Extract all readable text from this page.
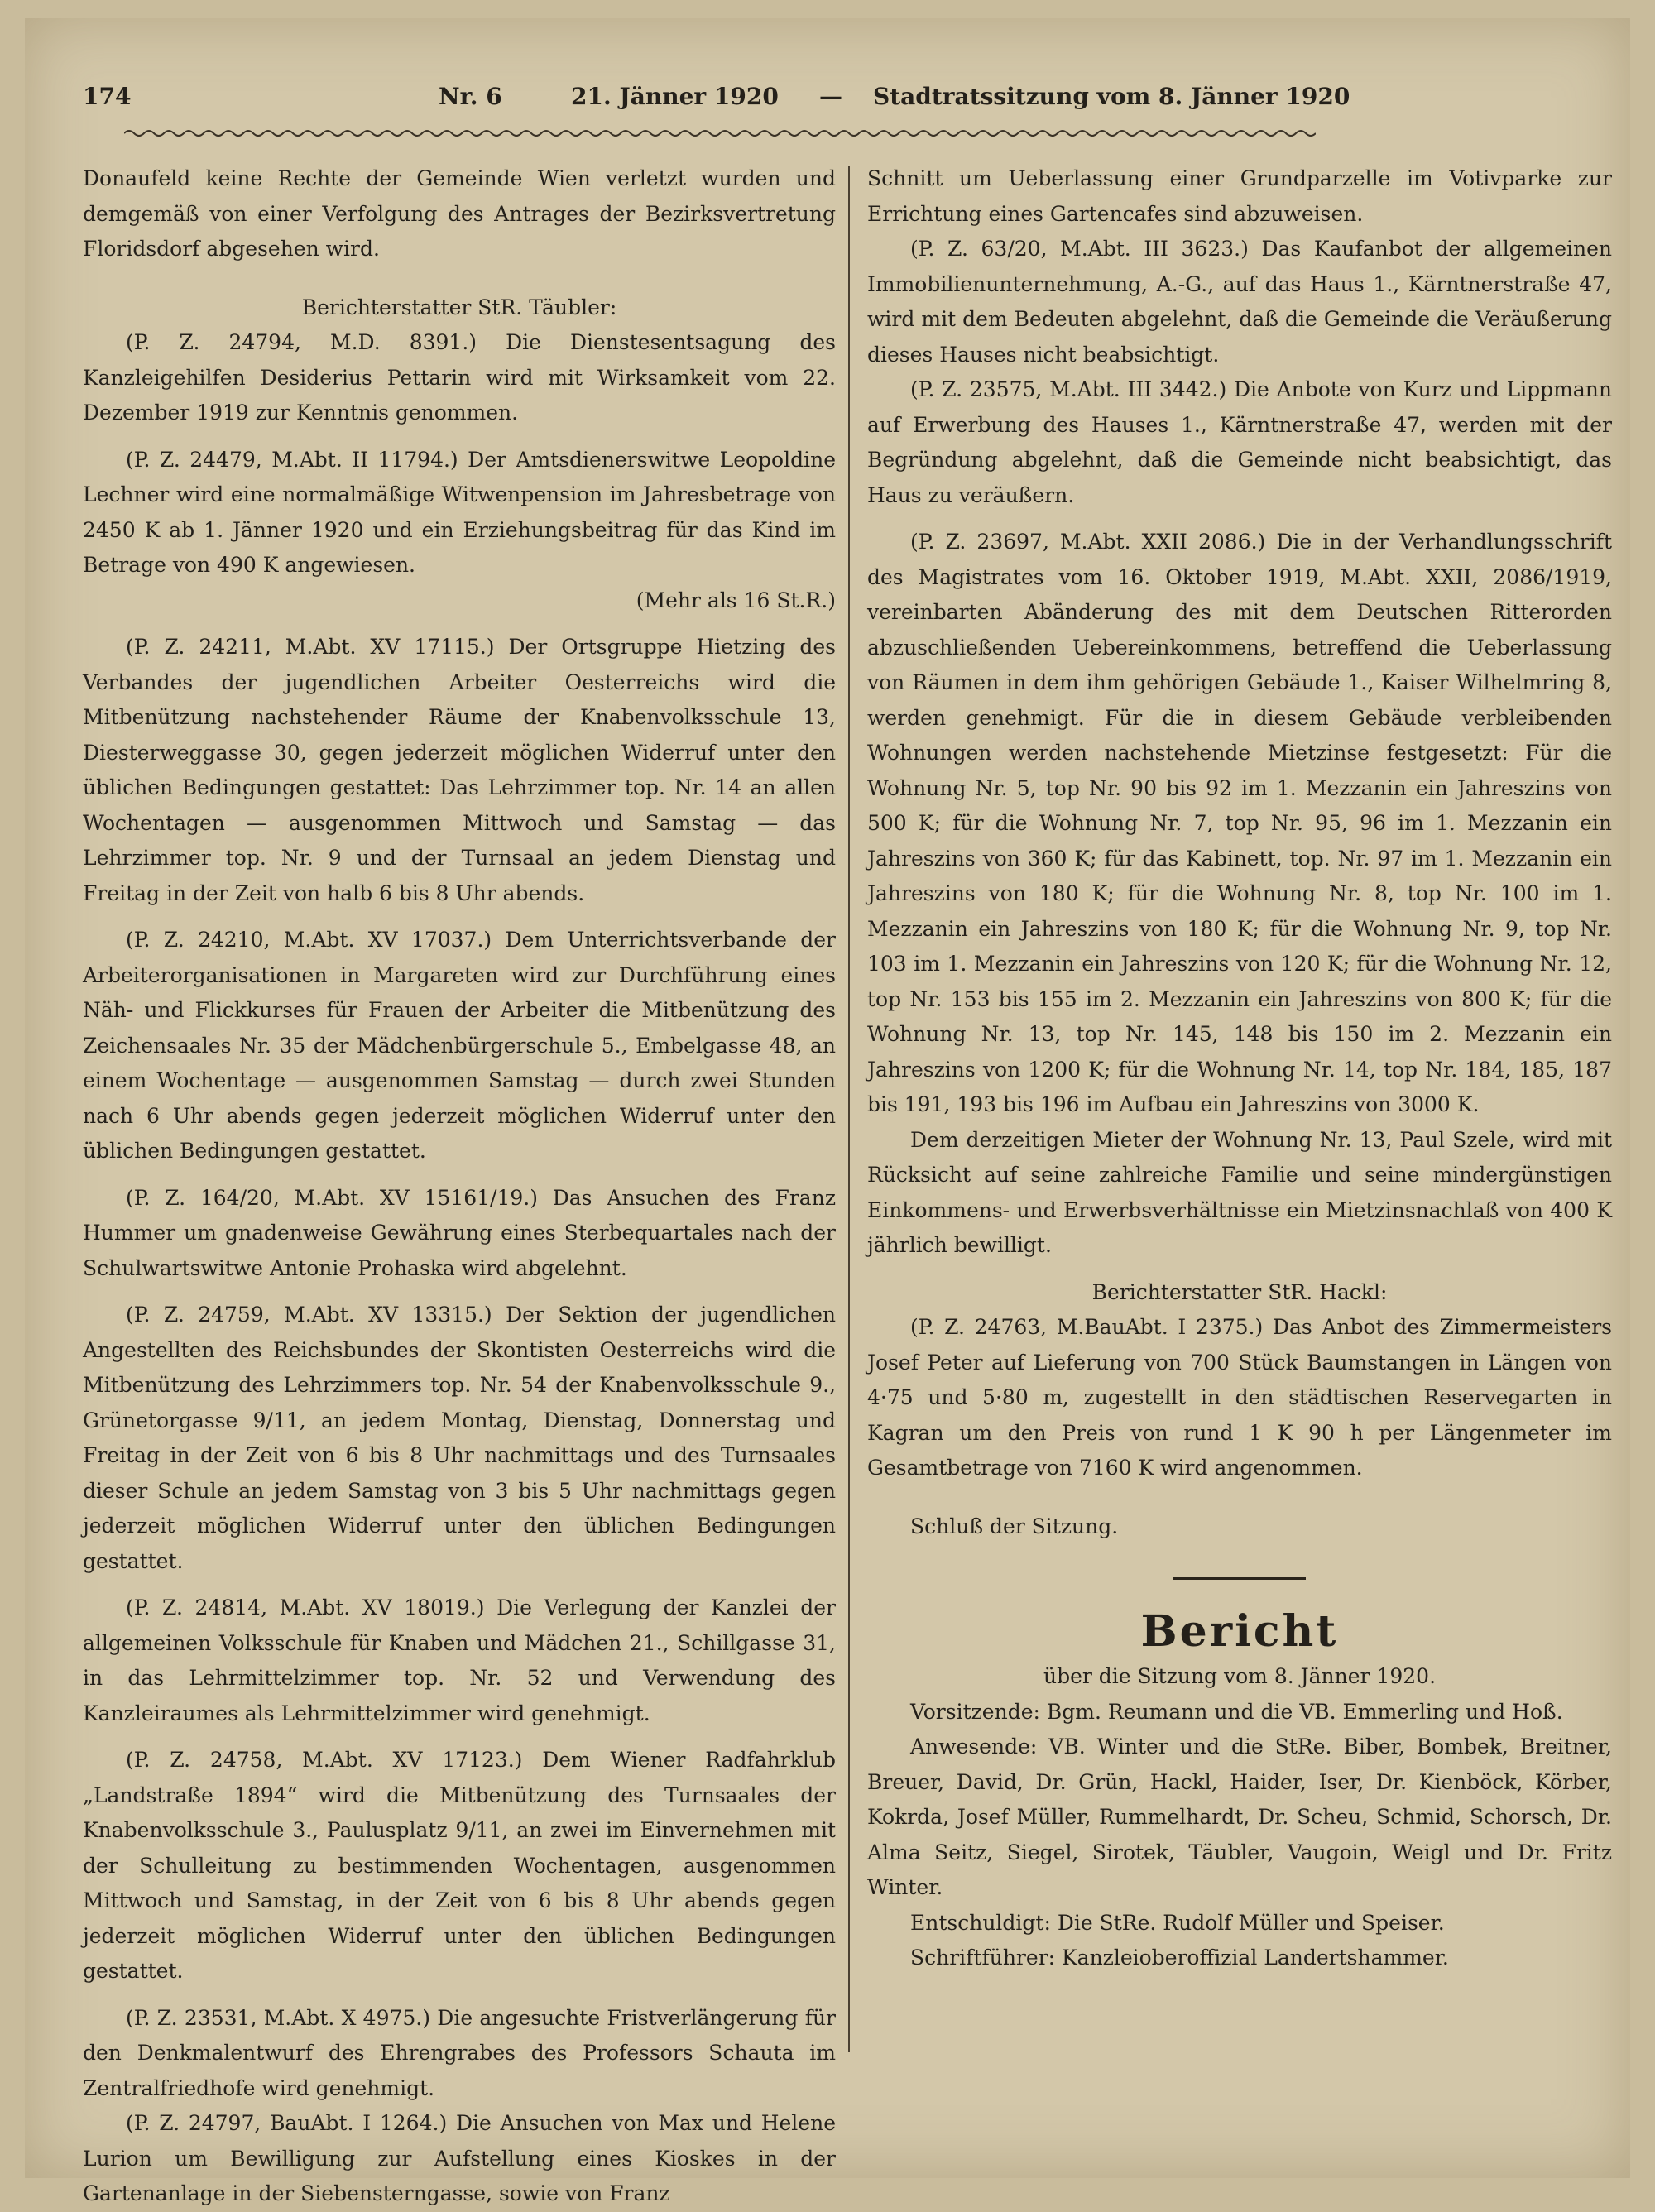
174	Nr. 6	21. Jänner 1920 — Stadtratssitzung vom 8. Jänner 1920

Donaufeld keine Rechte der Gemeinde Wien verletzt wurden und demgemäß von einer Verfolgung des Antrages der Bezirksvertretung Floridsdorf abgesehen wird.

Berichterstatter StR. Täubler:

(P. Z. 24794, M.D. 8391.) Die Dienstesentsagung des Kanzleigehilfen Desiderius Pettarin wird mit Wirksamkeit vom 22. Dezember 1919 zur Kenntnis genommen.

(P. Z. 24479, M.Abt. II 11794.) Der Amtsdienerswitwe Leopoldine Lechner wird eine normalmäßige Witwenpension im Jahresbetrage von 2450 K ab 1. Jänner 1920 und ein Erziehungsbeitrag für das Kind im Betrage von 490 K angewiesen.

(Mehr als 16 St.R.)

(P. Z. 24211, M.Abt. XV 17115.) Der Ortsgruppe Hietzing des Verbandes der jugendlichen Arbeiter Oesterreichs wird die Mitbenützung nachstehender Räume der Knabenvolksschule 13, Diesterweggasse 30, gegen jederzeit möglichen Widerruf unter den üblichen Bedingungen gestattet: Das Lehrzimmer top. Nr. 14 an allen Wochentagen — ausgenommen Mittwoch und Samstag — das Lehrzimmer top. Nr. 9 und der Turnsaal an jedem Dienstag und Freitag in der Zeit von halb 6 bis 8 Uhr abends.

(P. Z. 24210, M.Abt. XV 17037.) Dem Unterrichtsverbande der Arbeiterorganisationen in Margareten wird zur Durchführung eines Näh- und Flickkurses für Frauen der Arbeiter die Mitbenützung des Zeichensaales Nr. 35 der Mädchenbürgerschule 5., Embelgasse 48, an einem Wochentage — ausgenommen Samstag — durch zwei Stunden nach 6 Uhr abends gegen jederzeit möglichen Widerruf unter den üblichen Bedingungen gestattet.

(P. Z. 164/20, M.Abt. XV 15161/19.) Das Ansuchen des Franz Hummer um gnadenweise Gewährung eines Sterbequartales nach der Schulwartswitwe Antonie Prohaska wird abgelehnt.

(P. Z. 24759, M.Abt. XV 13315.) Der Sektion der jugendlichen Angestellten des Reichsbundes der Skontisten Oesterreichs wird die Mitbenützung des Lehrzimmers top. Nr. 54 der Knabenvolksschule 9., Grünetorgasse 9/11, an jedem Montag, Dienstag, Donnerstag und Freitag in der Zeit von 6 bis 8 Uhr nachmittags und des Turnsaales dieser Schule an jedem Samstag von 3 bis 5 Uhr nachmittags gegen jederzeit möglichen Widerruf unter den üblichen Bedingungen gestattet.

(P. Z. 24814, M.Abt. XV 18019.) Die Verlegung der Kanzlei der allgemeinen Volksschule für Knaben und Mädchen 21., Schillgasse 31, in das Lehrmittelzimmer top. Nr. 52 und Verwendung des Kanzleiraumes als Lehrmittelzimmer wird genehmigt.

(P. Z. 24758, M.Abt. XV 17123.) Dem Wiener Radfahrklub „Landstraße 1894“ wird die Mitbenützung des Turnsaales der Knabenvolksschule 3., Paulusplatz 9/11, an zwei im Einvernehmen mit der Schulleitung zu bestimmenden Wochentagen, ausgenommen Mittwoch und Samstag, in der Zeit von 6 bis 8 Uhr abends gegen jederzeit möglichen Widerruf unter den üblichen Bedingungen gestattet.

(P. Z. 23531, M.Abt. X 4975.) Die angesuchte Fristverlängerung für den Denkmalentwurf des Ehrengrabes des Professors Schauta im Zentralfriedhofe wird genehmigt.

(P. Z. 24797, BauAbt. I 1264.) Die Ansuchen von Max und Helene Lurion um Bewilligung zur Aufstellung eines Kioskes in der Gartenanlage in der Siebensterngasse, sowie von Franz

Schnitt um Ueberlassung einer Grundparzelle im Votivparke zur Errichtung eines Gartencafes sind abzuweisen.

(P. Z. 63/20, M.Abt. III 3623.) Das Kaufanbot der allgemeinen Immobilienunternehmung, A.-G., auf das Haus 1., Kärntnerstraße 47, wird mit dem Bedeuten abgelehnt, daß die Gemeinde die Veräußerung dieses Hauses nicht beabsichtigt.

(P. Z. 23575, M.Abt. III 3442.) Die Anbote von Kurz und Lippmann auf Erwerbung des Hauses 1., Kärntnerstraße 47, werden mit der Begründung abgelehnt, daß die Gemeinde nicht beabsichtigt, das Haus zu veräußern.

(P. Z. 23697, M.Abt. XXII 2086.) Die in der Verhandlungsschrift des Magistrates vom 16. Oktober 1919, M.Abt. XXII, 2086/1919, vereinbarten Abänderung des mit dem Deutschen Ritterorden abzuschließenden Uebereinkommens, betreffend die Ueberlassung von Räumen in dem ihm gehörigen Gebäude 1., Kaiser Wilhelmring 8, werden genehmigt. Für die in diesem Gebäude verbleibenden Wohnungen werden nachstehende Mietzinse festgesetzt: Für die Wohnung Nr. 5, top Nr. 90 bis 92 im 1. Mezzanin ein Jahreszins von 500 K; für die Wohnung Nr. 7, top Nr. 95, 96 im 1. Mezzanin ein Jahreszins von 360 K; für das Kabinett, top. Nr. 97 im 1. Mezzanin ein Jahreszins von 180 K; für die Wohnung Nr. 8, top Nr. 100 im 1. Mezzanin ein Jahreszins von 180 K; für die Wohnung Nr. 9, top Nr. 103 im 1. Mezzanin ein Jahreszins von 120 K; für die Wohnung Nr. 12, top Nr. 153 bis 155 im 2. Mezzanin ein Jahreszins von 800 K; für die Wohnung Nr. 13, top Nr. 145, 148 bis 150 im 2. Mezzanin ein Jahreszins von 1200 K; für die Wohnung Nr. 14, top Nr. 184, 185, 187 bis 191, 193 bis 196 im Aufbau ein Jahreszins von 3000 K.

Dem derzeitigen Mieter der Wohnung Nr. 13, Paul Szele, wird mit Rücksicht auf seine zahlreiche Familie und seine mindergünstigen Einkommens- und Erwerbsverhältnisse ein Mietzinsnachlaß von 400 K jährlich bewilligt.

Berichterstatter StR. Hackl:

(P. Z. 24763, M.BauAbt. I 2375.) Das Anbot des Zimmermeisters Josef Peter auf Lieferung von 700 Stück Baumstangen in Längen von 4·75 und 5·80 m, zugestellt in den städtischen Reservegarten in Kagran um den Preis von rund 1 K 90 h per Längenmeter im Gesamtbetrage von 7160 K wird angenommen.

Schluß der Sitzung.

Bericht

über die Sitzung vom 8. Jänner 1920.

Vorsitzende: Bgm. Reumann und die VB. Emmerling und Hoß.

Anwesende: VB. Winter und die StRe. Biber, Bombek, Breitner, Breuer, David, Dr. Grün, Hackl, Haider, Iser, Dr. Kienböck, Körber, Kokrda, Josef Müller, Rummelhardt, Dr. Scheu, Schmid, Schorsch, Dr. Alma Seitz, Siegel, Sirotek, Täubler, Vaugoin, Weigl und Dr. Fritz Winter.

Entschuldigt: Die StRe. Rudolf Müller und Speiser.

Schriftführer: Kanzleioberoffizial Landertshammer.
